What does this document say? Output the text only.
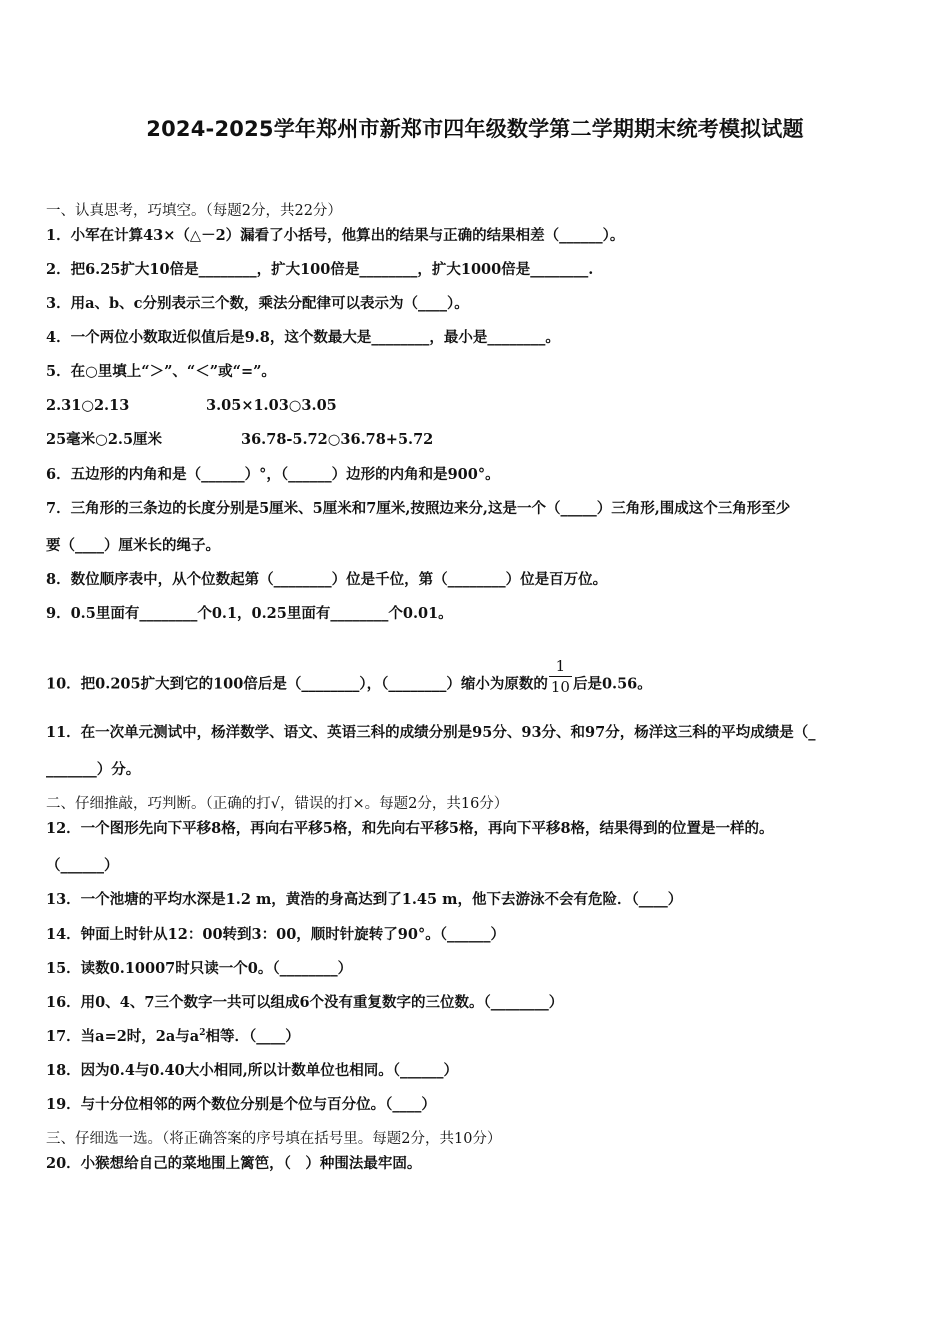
2024-2025学年郑州市新郑市四年级数学第二学期期末统考模拟试题
一、认真思考，巧填空。（每题2分，共22分）
1．小军在计算43×（△－2）漏看了小括号，他算出的结果与正确的结果相差（______）。
2．把6.25扩大10倍是________，扩大100倍是________，扩大1000倍是________.
3．用a、b、c分别表示三个数，乘法分配律可以表示为（____）。
4．一个两位小数取近似值后是9.8，这个数最大是________，最小是________。
5．在○里填上“＞”、“＜”或“=”。
2.31○2.13	3.05×1.03○3.05
25毫米○2.5厘米	36.78-5.72○36.78+5.72
6．五边形的内角和是（______）°，（______）边形的内角和是900°。
7．三角形的三条边的长度分别是5厘米、5厘米和7厘米,按照边来分,这是一个（_____）三角形,围成这个三角形至少
要（____）厘米长的绳子。
8．数位顺序表中，从个位数起第（________）位是千位，第（________）位是百万位。
9．0.5里面有________个0.1，0.25里面有________个0.01。
10．把0.205扩大到它的100倍后是（________），（________）缩小为原数的 $\frac{1}{10}$ 后是0.56。
11．在一次单元测试中，杨洋数学、语文、英语三科的成绩分别是95分、93分、和97分，杨洋这三科的平均成绩是（_
_______）分。
二、仔细推敲，巧判断。（正确的打√，错误的打×。每题2分，共16分）
12．一个图形先向下平移8格，再向右平移5格，和先向右平移5格，再向下平移8格，结果得到的位置是一样的。
（______）
13．一个池塘的平均水深是1.2 m，黄浩的身高达到了1.45 m，他下去游泳不会有危险．（____）
14．钟面上时针从12：00转到3：00，顺时针旋转了90°。（______）
15．读数0.10007时只读一个0。（________）
16．用0、4、7三个数字一共可以组成6个没有重复数字的三位数。（________）
17．当a=2时，2a与$a^2$相等．（____）
18．因为0.4与0.40大小相同,所以计数单位也相同。（______）
19．与十分位相邻的两个数位分别是个位与百分位。（____）
三、仔细选一选。（将正确答案的序号填在括号里。每题2分，共10分）
20．小猴想给自己的菜地围上篱笆，（　）种围法最牢固。
